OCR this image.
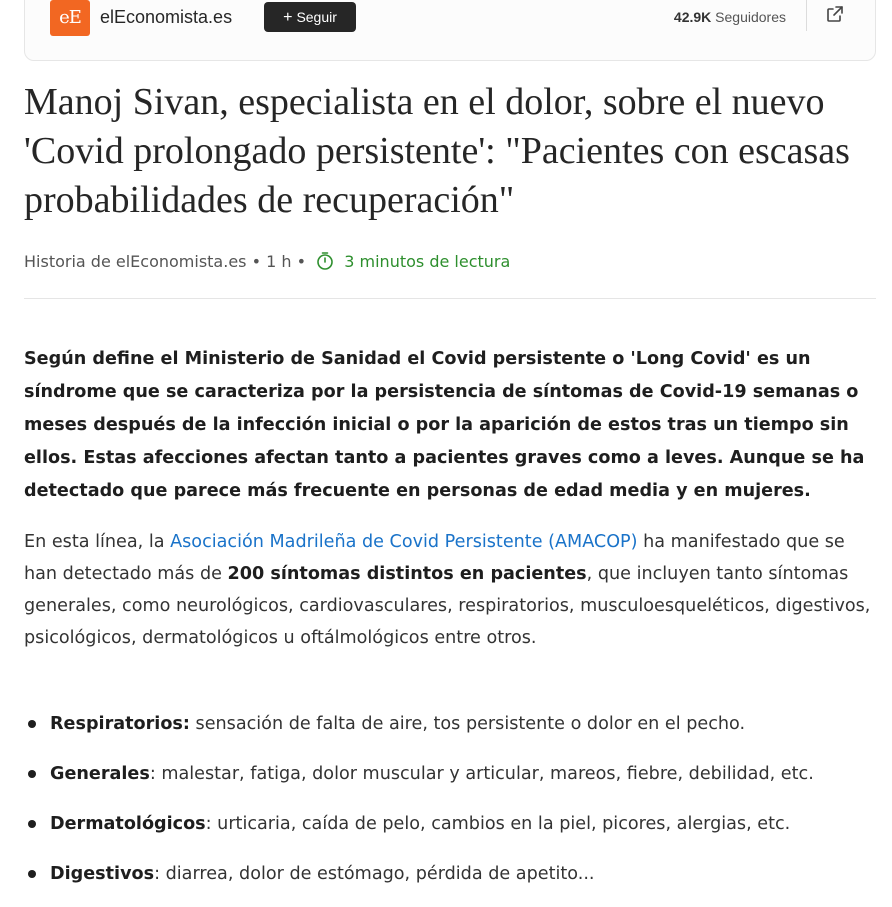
eE	elEconomista.es	+ Seguir	42.9K Seguidores
Manoj Sivan, especialista en el dolor, sobre el nuevo 'Covid prolongado persistente': "Pacientes con escasas probabilidades de recuperación"
Historia de elEconomista.es • 1 h • 3 minutos de lectura

Según define el Ministerio de Sanidad el Covid persistente o 'Long Covid' es un síndrome que se caracteriza por la persistencia de síntomas de Covid-19 semanas o meses después de la infección inicial o por la aparición de estos tras un tiempo sin ellos. Estas afecciones afectan tanto a pacientes graves como a leves. Aunque se ha detectado que parece más frecuente en personas de edad media y en mujeres.

En esta línea, la Asociación Madrileña de Covid Persistente (AMACOP) ha manifestado que se han detectado más de 200 síntomas distintos en pacientes, que incluyen tanto síntomas generales, como neurológicos, cardiovasculares, respiratorios, musculoesqueléticos, digestivos, psicológicos, dermatológicos u oftálmológicos entre otros.

Respiratorios: sensación de falta de aire, tos persistente o dolor en el pecho.
Generales: malestar, fatiga, dolor muscular y articular, mareos, fiebre, debilidad, etc.
Dermatológicos: urticaria, caída de pelo, cambios en la piel, picores, alergias, etc.
Digestivos: diarrea, dolor de estómago, pérdida de apetito...
